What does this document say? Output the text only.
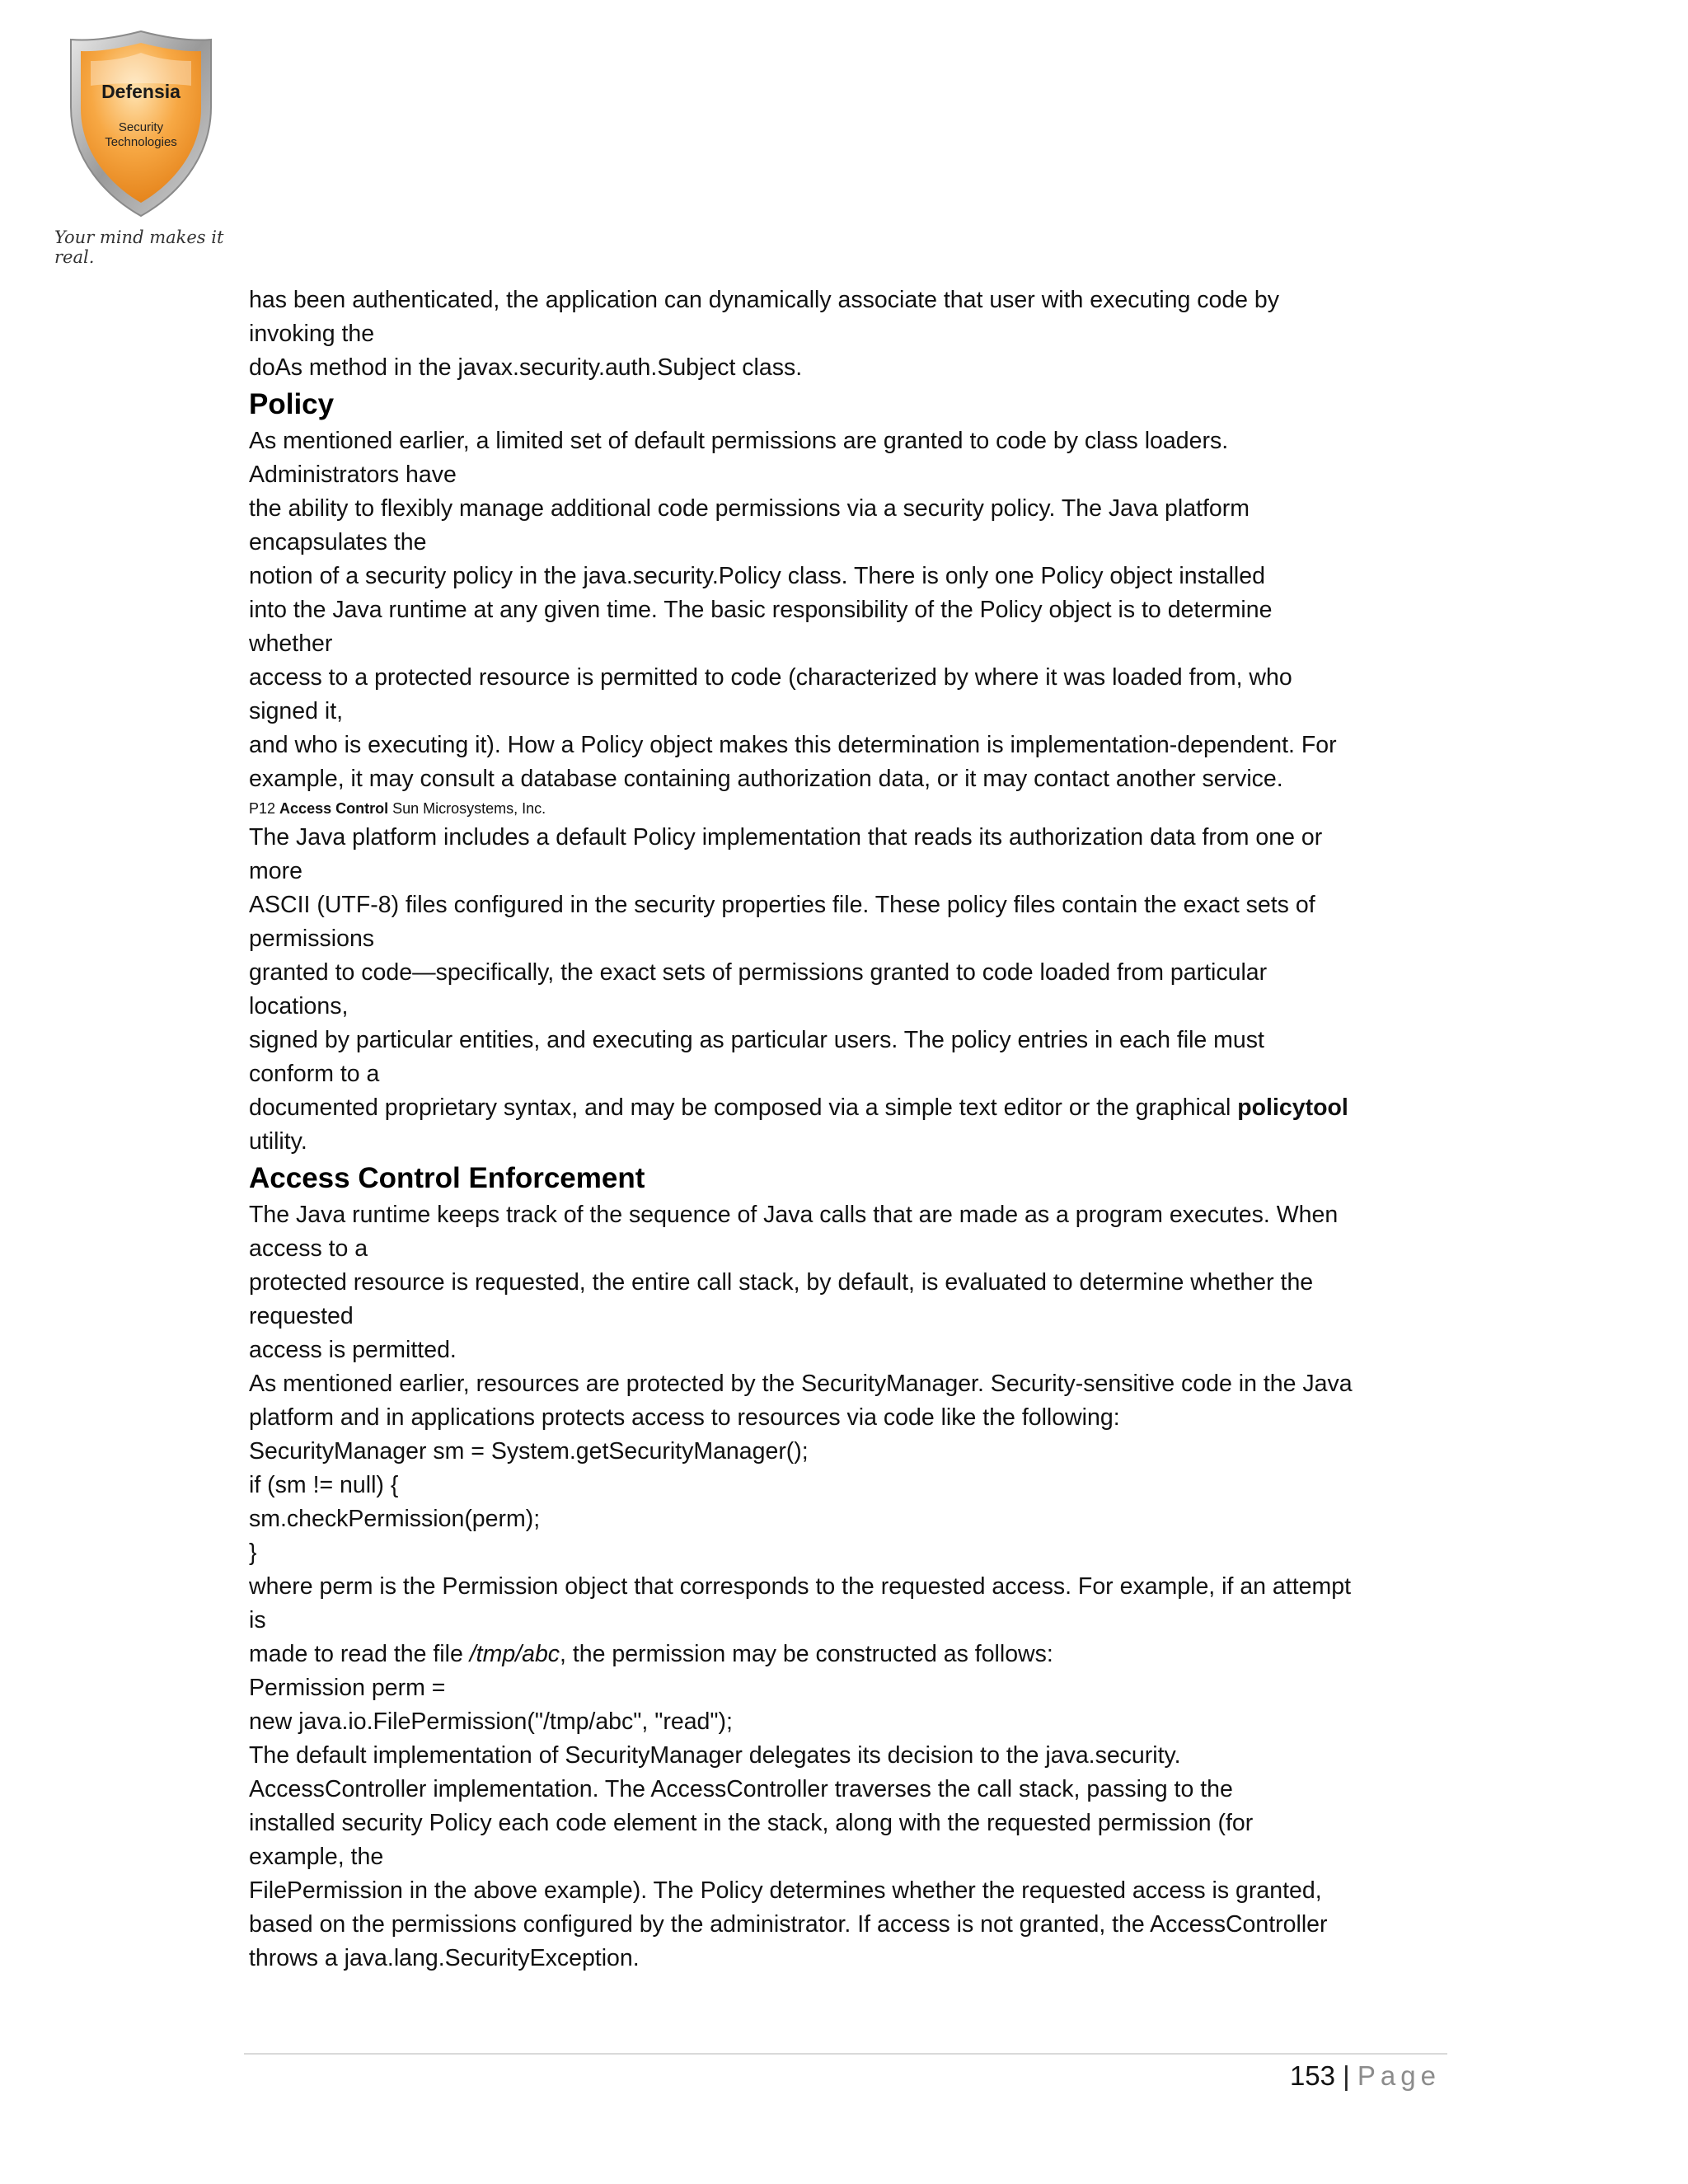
Defensia
Security
Technologies
Your mind makes it real.

has been authenticated, the application can dynamically associate that user with executing code by

invoking the

doAs method in the javax.security.auth.Subject class.

Policy

As mentioned earlier, a limited set of default permissions are granted to code by class loaders.

Administrators have

the ability to flexibly manage additional code permissions via a security policy. The Java platform

encapsulates the

notion of a security policy in the java.security.Policy class. There is only one Policy object installed

into the Java runtime at any given time. The basic responsibility of the Policy object is to determine

whether

access to a protected resource is permitted to code (characterized by where it was loaded from, who

signed it,

and who is executing it). How a Policy object makes this determination is implementation-dependent. For

example, it may consult a database containing authorization data, or it may contact another service.

P12 Access Control Sun Microsystems, Inc.

The Java platform includes a default Policy implementation that reads its authorization data from one or

more

ASCII (UTF-8) files configured in the security properties file. These policy files contain the exact sets of

permissions

granted to code—specifically, the exact sets of permissions granted to code loaded from particular

locations,

signed by particular entities, and executing as particular users. The policy entries in each file must

conform to a

documented proprietary syntax, and may be composed via a simple text editor or the graphical policytool

utility.

Access Control Enforcement

The Java runtime keeps track of the sequence of Java calls that are made as a program executes. When

access to a

protected resource is requested, the entire call stack, by default, is evaluated to determine whether the

requested

access is permitted.

As mentioned earlier, resources are protected by the SecurityManager. Security-sensitive code in the Java

platform and in applications protects access to resources via code like the following:

SecurityManager sm = System.getSecurityManager();

if (sm != null) {

sm.checkPermission(perm);

}

where perm is the Permission object that corresponds to the requested access. For example, if an attempt

is

made to read the file /tmp/abc, the permission may be constructed as follows:

Permission perm =

new java.io.FilePermission("/tmp/abc", "read");

The default implementation of SecurityManager delegates its decision to the java.security.

AccessController implementation. The AccessController traverses the call stack, passing to the

installed security Policy each code element in the stack, along with the requested permission (for

example, the

FilePermission in the above example). The Policy determines whether the requested access is granted,

based on the permissions configured by the administrator. If access is not granted, the AccessController

throws a java.lang.SecurityException.

153 | Page
